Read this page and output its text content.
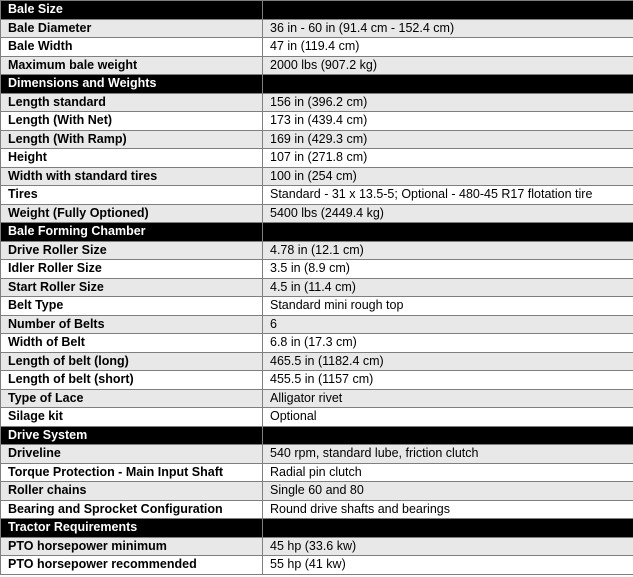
Bale Size	
Bale Diameter	36 in - 60 in (91.4 cm - 152.4 cm)
Bale Width	47 in (119.4 cm)
Maximum bale weight	2000 lbs (907.2 kg)
Dimensions and Weights	
Length standard	156 in (396.2 cm)
Length (With Net)	173 in (439.4 cm)
Length (With Ramp)	169 in (429.3 cm)
Height	107 in (271.8 cm)
Width with standard tires	100 in (254 cm)
Tires	Standard - 31 x 13.5-5; Optional - 480-45 R17 flotation tire
Weight (Fully Optioned)	5400 lbs (2449.4 kg)
Bale Forming Chamber	
Drive Roller Size	4.78 in (12.1 cm)
Idler Roller Size	3.5 in (8.9 cm)
Start Roller Size	4.5 in (11.4 cm)
Belt Type	Standard mini rough top
Number of Belts	6
Width of Belt	6.8 in (17.3 cm)
Length of belt (long)	465.5 in (1182.4 cm)
Length of belt (short)	455.5 in (1157 cm)
Type of Lace	Alligator rivet
Silage kit	Optional
Drive System	
Driveline	540 rpm, standard lube, friction clutch
Torque Protection - Main Input Shaft	Radial pin clutch
Roller chains	Single 60 and 80
Bearing and Sprocket Configuration	Round drive shafts and bearings
Tractor Requirements	
PTO horsepower minimum	45 hp (33.6 kw)
PTO horsepower recommended	55 hp (41 kw)
